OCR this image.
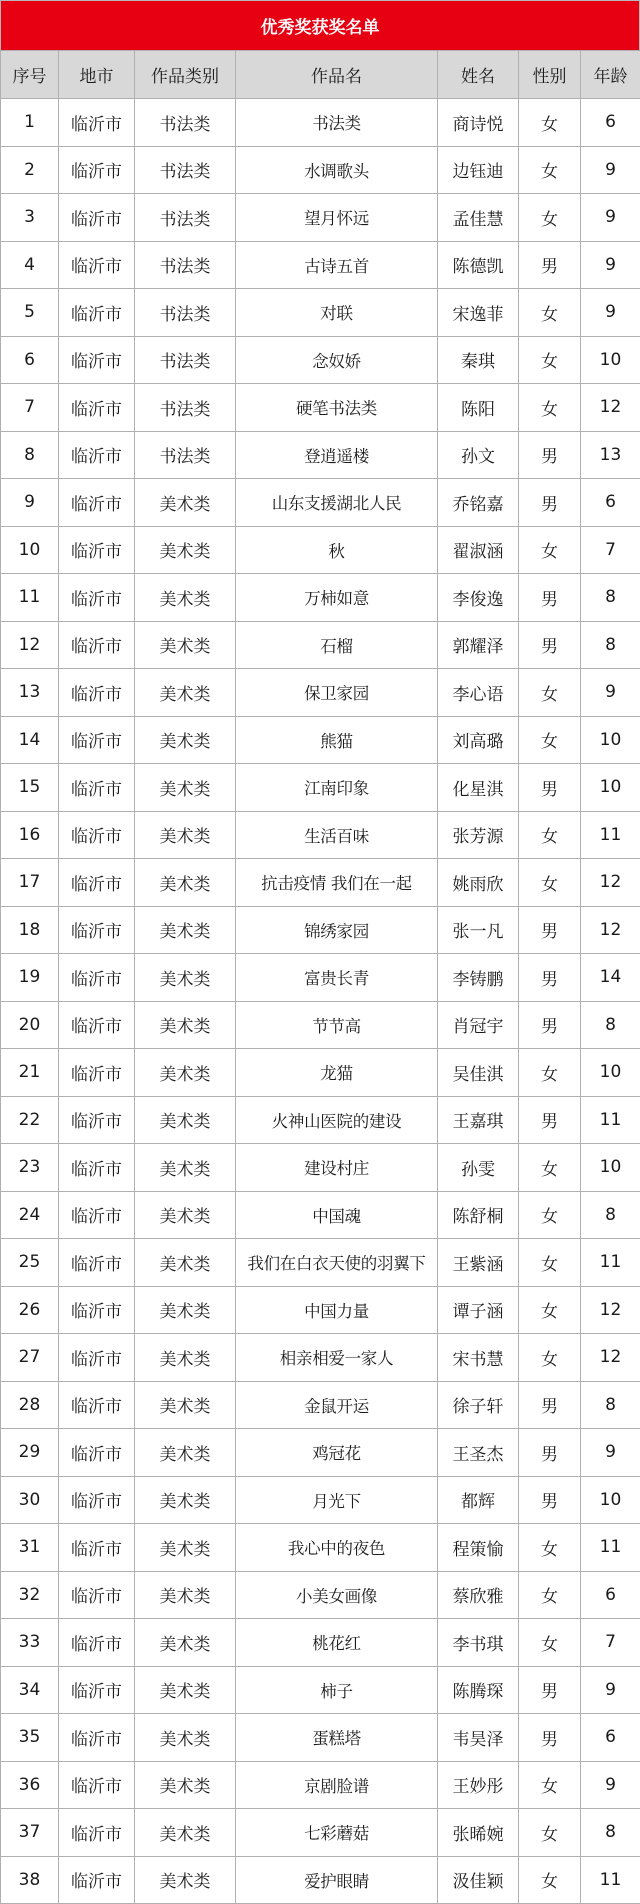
优秀奖获奖名单
序号	地市	作品类别	作品名	姓名	性别	年龄
1	临沂市	书法类	书法类	商诗悦	女	6
2	临沂市	书法类	水调歌头	边钰迪	女	9
3	临沂市	书法类	望月怀远	孟佳慧	女	9
4	临沂市	书法类	古诗五首	陈德凯	男	9
5	临沂市	书法类	对联	宋逸菲	女	9
6	临沂市	书法类	念奴娇	秦琪	女	10
7	临沂市	书法类	硬笔书法类	陈阳	女	12
8	临沂市	书法类	登逍遥楼	孙文	男	13
9	临沂市	美术类	山东支援湖北人民	乔铭嘉	男	6
10	临沂市	美术类	秋	翟淑涵	女	7
11	临沂市	美术类	万柿如意	李俊逸	男	8
12	临沂市	美术类	石榴	郭耀泽	男	8
13	临沂市	美术类	保卫家园	李心语	女	9
14	临沂市	美术类	熊猫	刘高璐	女	10
15	临沂市	美术类	江南印象	化星淇	男	10
16	临沂市	美术类	生活百味	张芳源	女	11
17	临沂市	美术类	抗击疫情 我们在一起	姚雨欣	女	12
18	临沂市	美术类	锦绣家园	张一凡	男	12
19	临沂市	美术类	富贵长青	李铸鹏	男	14
20	临沂市	美术类	节节高	肖冠宇	男	8
21	临沂市	美术类	龙猫	吴佳淇	女	10
22	临沂市	美术类	火神山医院的建设	王嘉琪	男	11
23	临沂市	美术类	建设村庄	孙雯	女	10
24	临沂市	美术类	中国魂	陈舒桐	女	8
25	临沂市	美术类	我们在白衣天使的羽翼下	王紫涵	女	11
26	临沂市	美术类	中国力量	谭子涵	女	12
27	临沂市	美术类	相亲相爱一家人	宋书慧	女	12
28	临沂市	美术类	金鼠开运	徐子轩	男	8
29	临沂市	美术类	鸡冠花	王圣杰	男	9
30	临沂市	美术类	月光下	都辉	男	10
31	临沂市	美术类	我心中的夜色	程策愉	女	11
32	临沂市	美术类	小美女画像	蔡欣雅	女	6
33	临沂市	美术类	桃花红	李书琪	女	7
34	临沂市	美术类	柿子	陈腾琛	男	9
35	临沂市	美术类	蛋糕塔	韦昊泽	男	6
36	临沂市	美术类	京剧脸谱	王妙彤	女	9
37	临沂市	美术类	七彩蘑菇	张晞婉	女	8
38	临沂市	美术类	爱护眼睛	汲佳颖	女	11
